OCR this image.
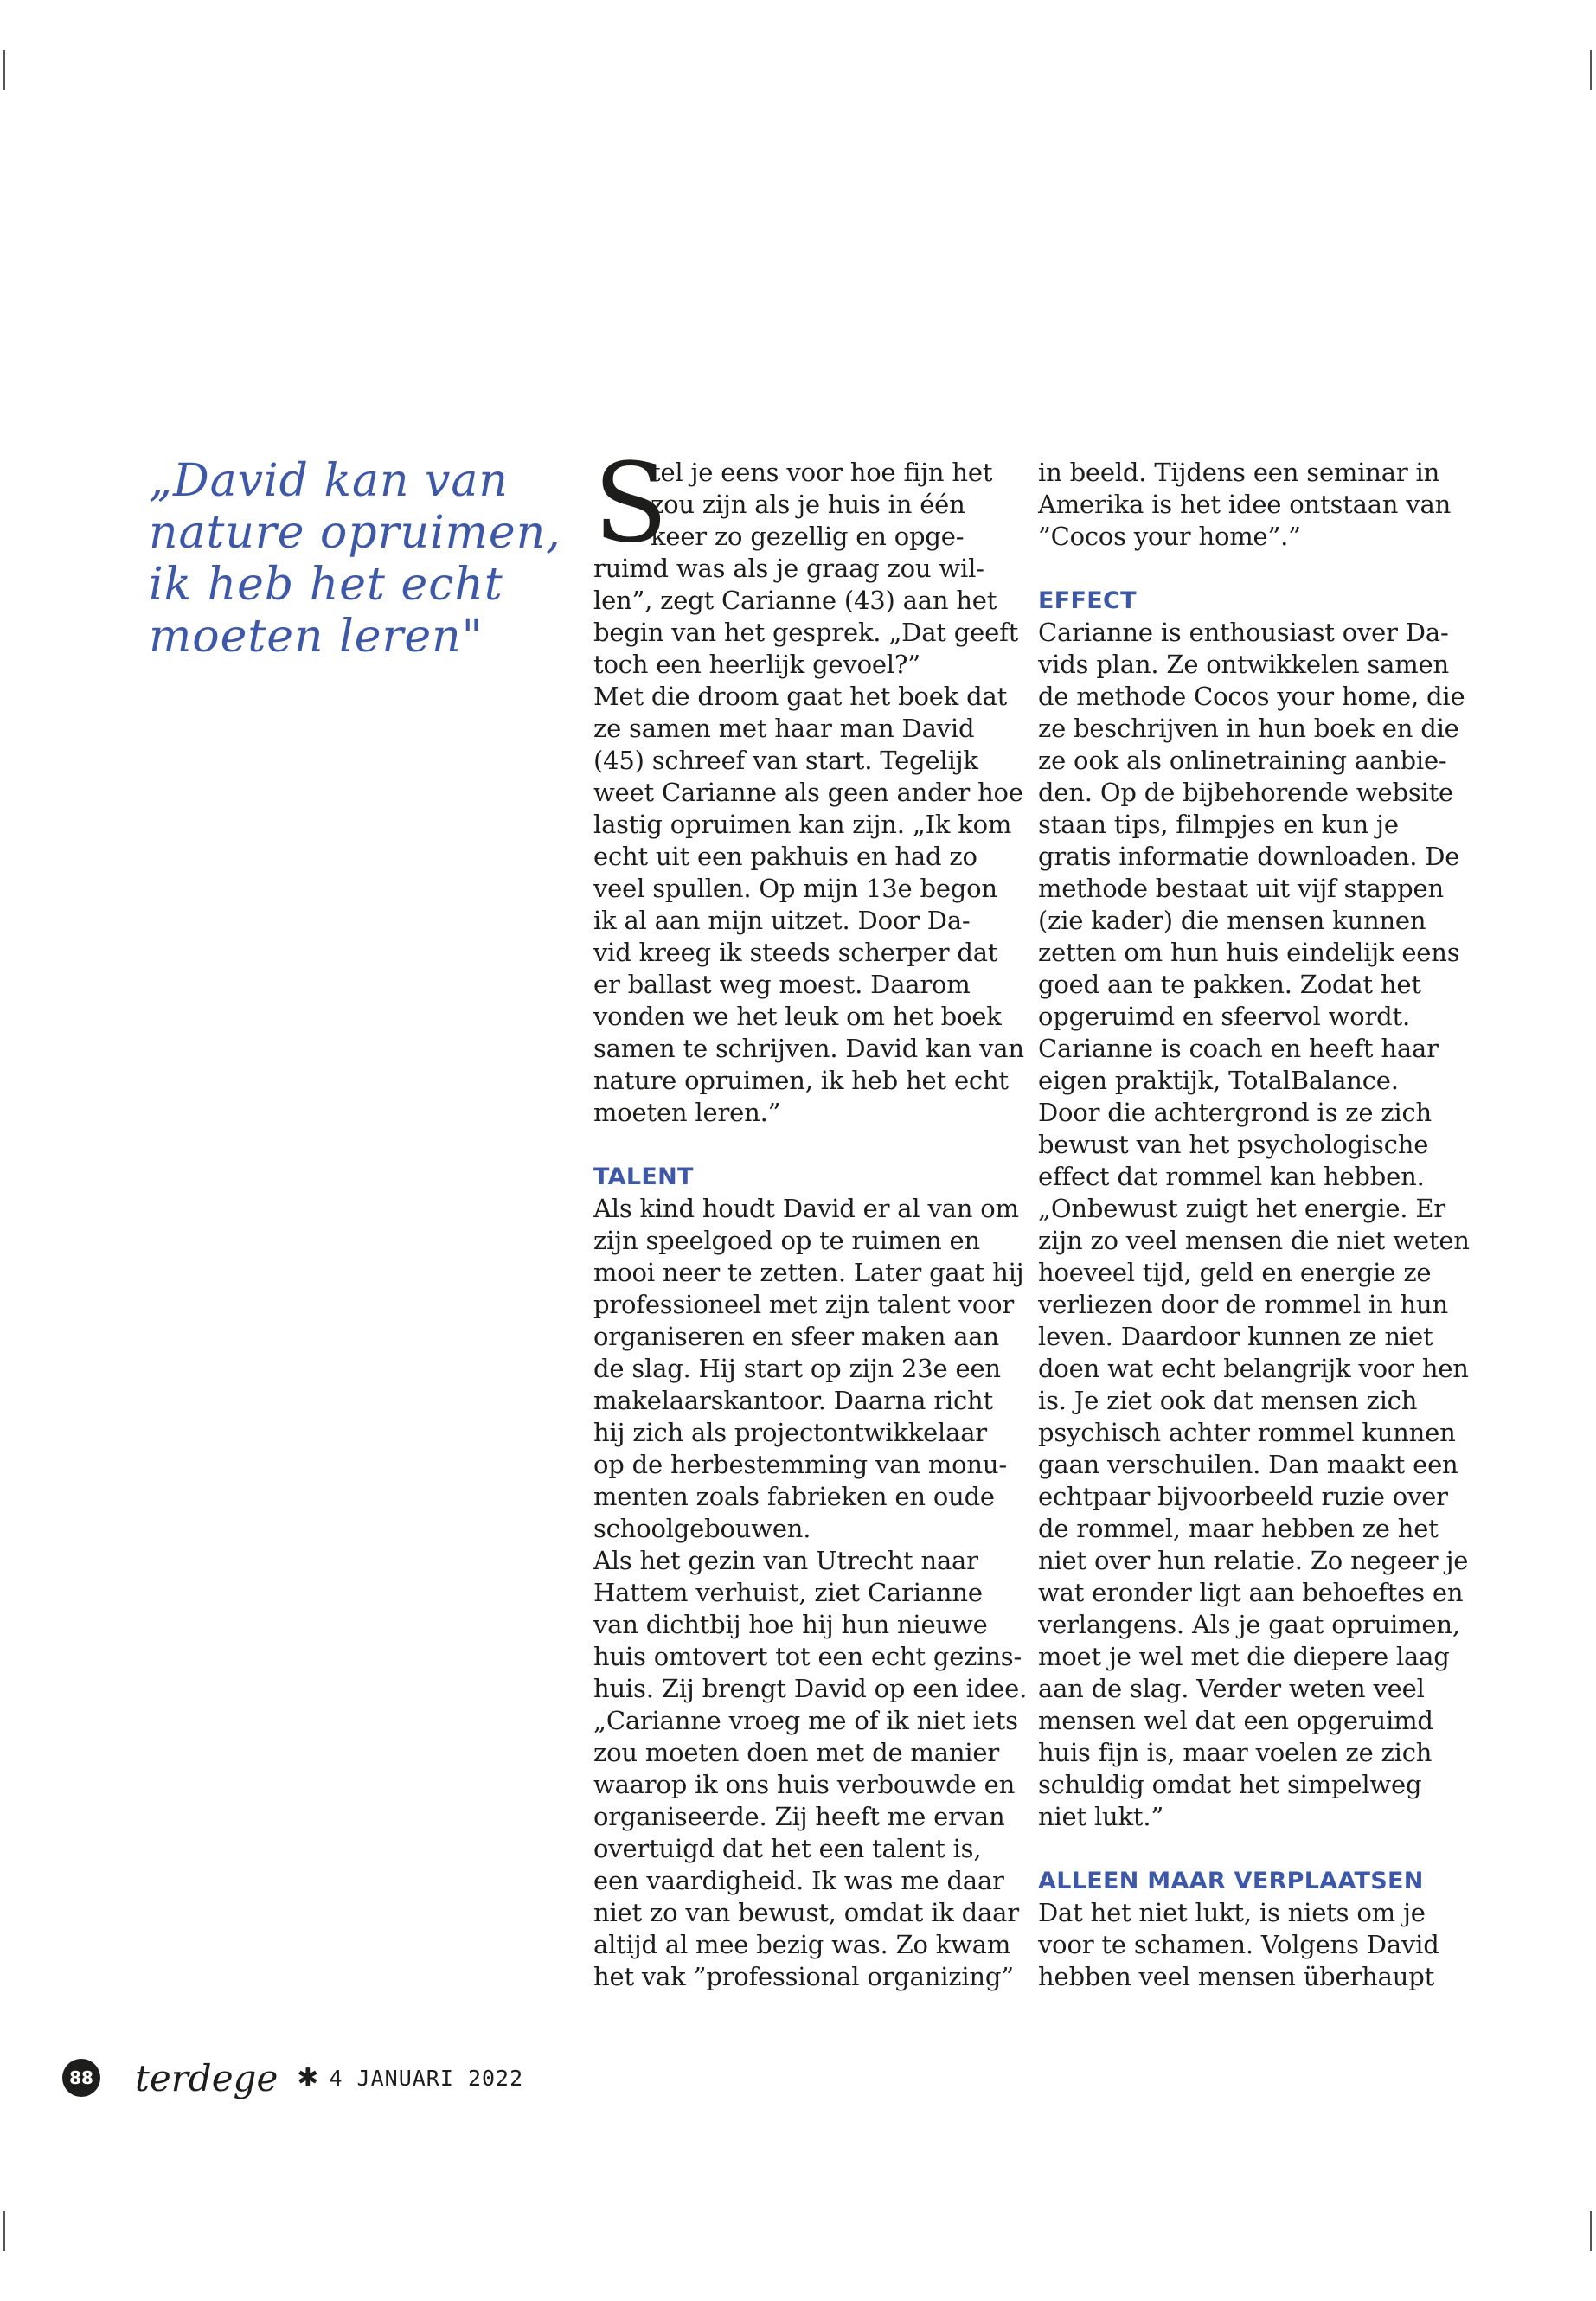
„David kan van
nature opruimen,
ik heb het echt
moeten leren"
S
tel je eens voor hoe fijn het
zou zijn als je huis in één
keer zo gezellig en opge-
ruimd was als je graag zou wil-
len”, zegt Carianne (43) aan het
begin van het gesprek. „Dat geeft
toch een heerlijk gevoel?”
Met die droom gaat het boek dat
ze samen met haar man David
(45) schreef van start. Tegelijk
weet Carianne als geen ander hoe
lastig opruimen kan zijn. „Ik kom
echt uit een pakhuis en had zo
veel spullen. Op mijn 13e begon
ik al aan mijn uitzet. Door Da-
vid kreeg ik steeds scherper dat
er ballast weg moest. Daarom
vonden we het leuk om het boek
samen te schrijven. David kan van
nature opruimen, ik heb het echt
moeten leren.”
TALENT
Als kind houdt David er al van om
zijn speelgoed op te ruimen en
mooi neer te zetten. Later gaat hij
professioneel met zijn talent voor
organiseren en sfeer maken aan
de slag. Hij start op zijn 23e een
makelaarskantoor. Daarna richt
hij zich als projectontwikkelaar
op de herbestemming van monu-
menten zoals fabrieken en oude
schoolgebouwen.
Als het gezin van Utrecht naar
Hattem verhuist, ziet Carianne
van dichtbij hoe hij hun nieuwe
huis omtovert tot een echt gezins-
huis. Zij brengt David op een idee.
„Carianne vroeg me of ik niet iets
zou moeten doen met de manier
waarop ik ons huis verbouwde en
organiseerde. Zij heeft me ervan
overtuigd dat het een talent is,
een vaardigheid. Ik was me daar
niet zo van bewust, omdat ik daar
altijd al mee bezig was. Zo kwam
het vak ”professional organizing”
in beeld. Tijdens een seminar in
Amerika is het idee ontstaan van
”Cocos your home”.”
EFFECT
Carianne is enthousiast over Da-
vids plan. Ze ontwikkelen samen
de methode Cocos your home, die
ze beschrijven in hun boek en die
ze ook als onlinetraining aanbie-
den. Op de bijbehorende website
staan tips, filmpjes en kun je
gratis informatie downloaden. De
methode bestaat uit vijf stappen
(zie kader) die mensen kunnen
zetten om hun huis eindelijk eens
goed aan te pakken. Zodat het
opgeruimd en sfeervol wordt.
Carianne is coach en heeft haar
eigen praktijk, TotalBalance.
Door die achtergrond is ze zich
bewust van het psychologische
effect dat rommel kan hebben.
„Onbewust zuigt het energie. Er
zijn zo veel mensen die niet weten
hoeveel tijd, geld en energie ze
verliezen door de rommel in hun
leven. Daardoor kunnen ze niet
doen wat echt belangrijk voor hen
is. Je ziet ook dat mensen zich
psychisch achter rommel kunnen
gaan verschuilen. Dan maakt een
echtpaar bijvoorbeeld ruzie over
de rommel, maar hebben ze het
niet over hun relatie. Zo negeer je
wat eronder ligt aan behoeftes en
verlangens. Als je gaat opruimen,
moet je wel met die diepere laag
aan de slag. Verder weten veel
mensen wel dat een opgeruimd
huis fijn is, maar voelen ze zich
schuldig omdat het simpelweg
niet lukt.”
ALLEEN MAAR VERPLAATSEN
Dat het niet lukt, is niets om je
voor te schamen. Volgens David
hebben veel mensen überhaupt
88 terdege ✱ 4 JANUARI 2022
